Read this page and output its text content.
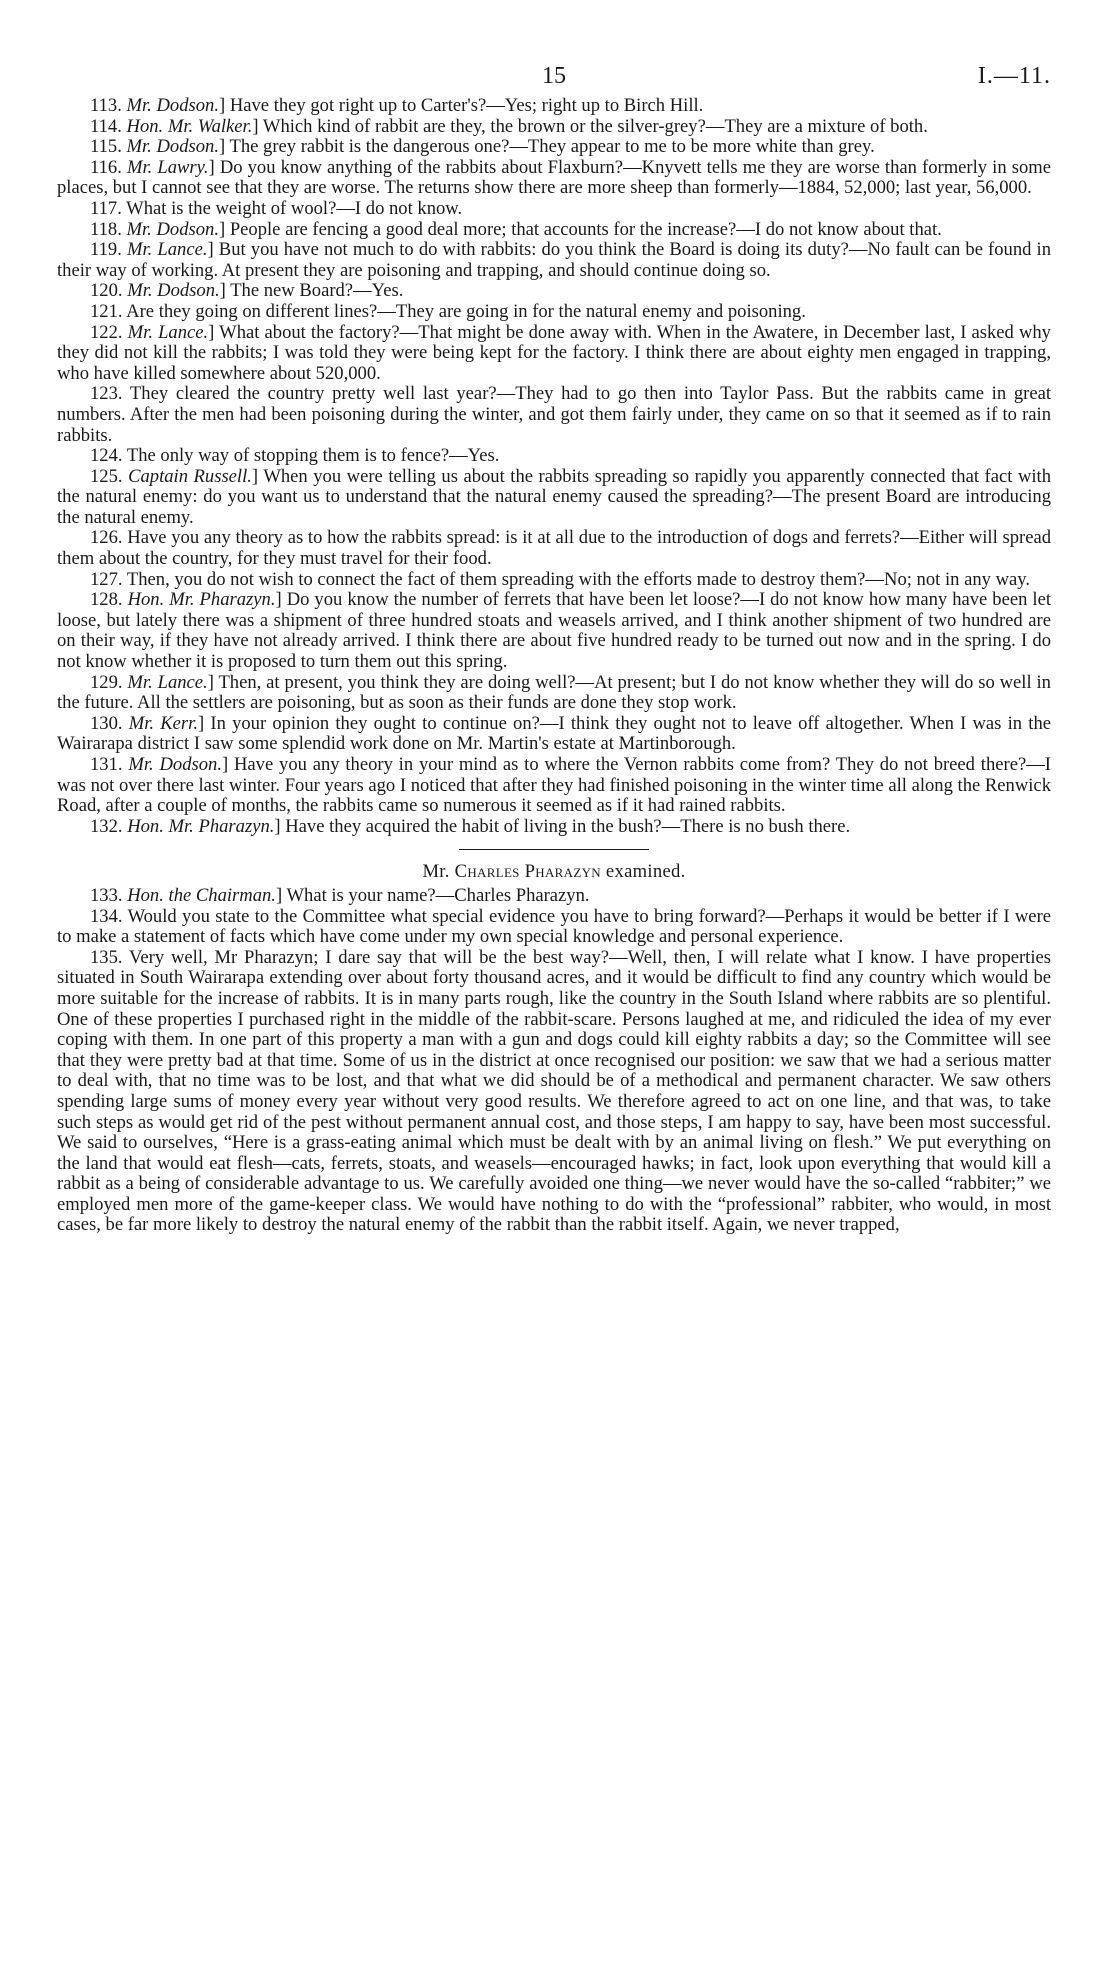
15	I.—11.

113. Mr. Dodson.] Have they got right up to Carter's?—Yes; right up to Birch Hill.

114. Hon. Mr. Walker.] Which kind of rabbit are they, the brown or the silver-grey?—They are a mixture of both.

115. Mr. Dodson.] The grey rabbit is the dangerous one?—They appear to me to be more white than grey.

116. Mr. Lawry.] Do you know anything of the rabbits about Flaxburn?—Knyvett tells me they are worse than formerly in some places, but I cannot see that they are worse. The returns show there are more sheep than formerly—1884, 52,000; last year, 56,000.

117. What is the weight of wool?—I do not know.

118. Mr. Dodson.] People are fencing a good deal more; that accounts for the increase?—I do not know about that.

119. Mr. Lance.] But you have not much to do with rabbits: do you think the Board is doing its duty?—No fault can be found in their way of working. At present they are poisoning and trapping, and should continue doing so.

120. Mr. Dodson.] The new Board?—Yes.

121. Are they going on different lines?—They are going in for the natural enemy and poisoning.

122. Mr. Lance.] What about the factory?—That might be done away with. When in the Awatere, in December last, I asked why they did not kill the rabbits; I was told they were being kept for the factory. I think there are about eighty men engaged in trapping, who have killed somewhere about 520,000.

123. They cleared the country pretty well last year?—They had to go then into Taylor Pass. But the rabbits came in great numbers. After the men had been poisoning during the winter, and got them fairly under, they came on so that it seemed as if to rain rabbits.

124. The only way of stopping them is to fence?—Yes.

125. Captain Russell.] When you were telling us about the rabbits spreading so rapidly you apparently connected that fact with the natural enemy: do you want us to understand that the natural enemy caused the spreading?—The present Board are introducing the natural enemy.

126. Have you any theory as to how the rabbits spread: is it at all due to the introduction of dogs and ferrets?—Either will spread them about the country, for they must travel for their food.

127. Then, you do not wish to connect the fact of them spreading with the efforts made to destroy them?—No; not in any way.

128. Hon. Mr. Pharazyn.] Do you know the number of ferrets that have been let loose?—I do not know how many have been let loose, but lately there was a shipment of three hundred stoats and weasels arrived, and I think another shipment of two hundred are on their way, if they have not already arrived. I think there are about five hundred ready to be turned out now and in the spring. I do not know whether it is proposed to turn them out this spring.

129. Mr. Lance.] Then, at present, you think they are doing well?—At present; but I do not know whether they will do so well in the future. All the settlers are poisoning, but as soon as their funds are done they stop work.

130. Mr. Kerr.] In your opinion they ought to continue on?—I think they ought not to leave off altogether. When I was in the Wairarapa district I saw some splendid work done on Mr. Martin's estate at Martinborough.

131. Mr. Dodson.] Have you any theory in your mind as to where the Vernon rabbits come from? They do not breed there?—I was not over there last winter. Four years ago I noticed that after they had finished poisoning in the winter time all along the Renwick Road, after a couple of months, the rabbits came so numerous it seemed as if it had rained rabbits.

132. Hon. Mr. Pharazyn.] Have they acquired the habit of living in the bush?—There is no bush there.

Mr. Charles Pharazyn examined.

133. Hon. the Chairman.] What is your name?—Charles Pharazyn.

134. Would you state to the Committee what special evidence you have to bring forward?—Perhaps it would be better if I were to make a statement of facts which have come under my own special knowledge and personal experience.

135. Very well, Mr Pharazyn; I dare say that will be the best way?—Well, then, I will relate what I know. I have properties situated in South Wairarapa extending over about forty thousand acres, and it would be difficult to find any country which would be more suitable for the increase of rabbits. It is in many parts rough, like the country in the South Island where rabbits are so plentiful. One of these properties I purchased right in the middle of the rabbit-scare. Persons laughed at me, and ridiculed the idea of my ever coping with them. In one part of this property a man with a gun and dogs could kill eighty rabbits a day; so the Committee will see that they were pretty bad at that time. Some of us in the district at once recognised our position: we saw that we had a serious matter to deal with, that no time was to be lost, and that what we did should be of a methodical and permanent character. We saw others spending large sums of money every year without very good results. We therefore agreed to act on one line, and that was, to take such steps as would get rid of the pest without permanent annual cost, and those steps, I am happy to say, have been most successful. We said to ourselves, “Here is a grass-eating animal which must be dealt with by an animal living on flesh.” We put everything on the land that would eat flesh—cats, ferrets, stoats, and weasels—encouraged hawks; in fact, look upon everything that would kill a rabbit as a being of considerable advantage to us. We carefully avoided one thing—we never would have the so-called “rabbiter;” we employed men more of the game-keeper class. We would have nothing to do with the “professional” rabbiter, who would, in most cases, be far more likely to destroy the natural enemy of the rabbit than the rabbit itself. Again, we never trapped,
